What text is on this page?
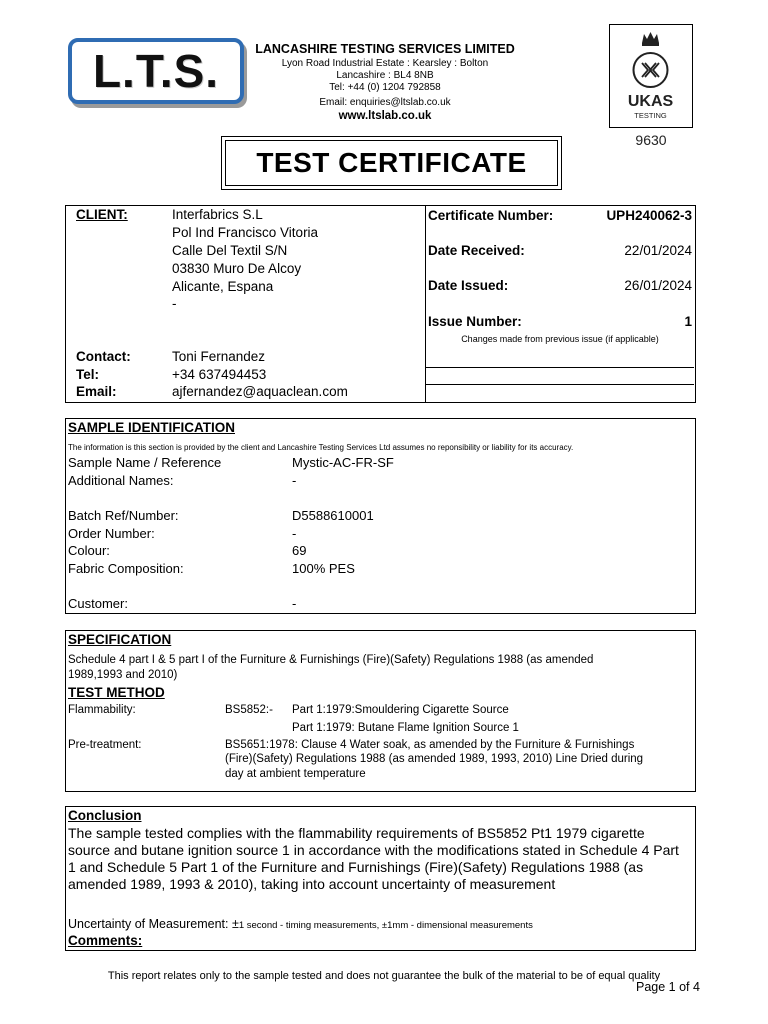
L.T.S.	LANCASHIRE TESTING SERVICES LIMITED
Lyon Road Industrial Estate : Kearsley : Bolton
Lancashire : BL4 8NB
Tel: +44 (0) 1204 792858
Email: enquiries@ltslab.co.uk
www.ltslab.co.uk
UKAS
TESTING
9630
TEST CERTIFICATE
CLIENT:	Interfabrics S.L
Pol Ind Francisco Vitoria
Calle Del Textil S/N
03830 Muro De Alcoy
Alicante, Espana
-
Contact:	Toni Fernandez
Tel:	+34 637494453
Email:	ajfernandez@aquaclean.com
Certificate Number:	UPH240062-3
Date Received:	22/01/2024
Date Issued:	26/01/2024
Issue Number:	1
Changes made from previous issue (if applicable)
SAMPLE IDENTIFICATION
The information is this section is provided by the client and Lancashire Testing Services Ltd assumes no reponsibility or liability for its accuracy.
Sample Name / Reference	Mystic-AC-FR-SF
Additional Names:	-
Batch Ref/Number:	D5588610001
Order Number:	-
Colour:	69
Fabric Composition:	100% PES
Customer:	-
SPECIFICATION
Schedule 4 part I & 5 part I of the Furniture & Furnishings (Fire)(Safety) Regulations 1988 (as amended
1989,1993 and 2010)
TEST METHOD
Flammability:	BS5852:- Part 1:1979:Smouldering Cigarette Source
Part 1:1979: Butane Flame Ignition Source 1
Pre-treatment:	BS5651:1978: Clause 4 Water soak, as amended by the Furniture & Furnishings
(Fire)(Safety) Regulations 1988 (as amended 1989, 1993, 2010) Line Dried during
day at ambient temperature
Conclusion
The sample tested complies with the flammability requirements of BS5852 Pt1 1979 cigarette
source and butane ignition source 1 in accordance with the modifications stated in Schedule 4 Part
1 and Schedule 5 Part 1 of the Furniture and Furnishings (Fire)(Safety) Regulations 1988 (as
amended 1989, 1993 & 2010), taking into account uncertainty of measurement
Uncertainty of Measurement: ±1 second - timing measurements, ±1mm - dimensional measurements
Comments:
This report relates only to the sample tested and does not guarantee the bulk of the material to be of equal quality
Page 1 of 4
